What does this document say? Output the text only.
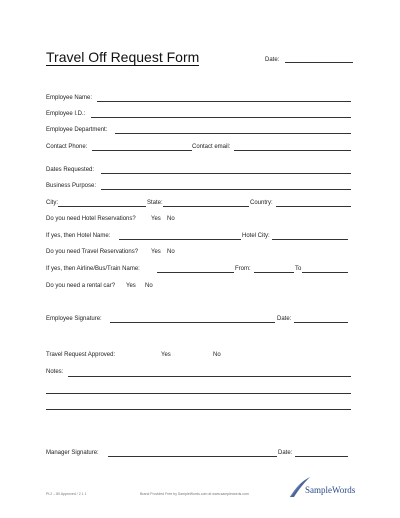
Travel Off Request Form	Date:
Employee Name:
Employee I.D.:
Employee Department:
Contact Phone:	Contact email:
Dates Requested:
Business Purpose:
City:	State:	Country:
Do you need Hotel Reservations?	Yes No
If yes, then Hotel Name:	Hotel City:
Do you need Travel Reservations? Yes No
If yes, then Airline/Bus/Train Name:	From:	To
Do you need a rental car? Yes No
Employee Signature:	Date:
Travel Request Approved:	Yes	No
Notes:
Manager Signature:	Date:
Pt.2 – 80 Approved / 2 1 1	Brand Provided Free by SampleWords.com at www.samplewords.com	SampleWords
